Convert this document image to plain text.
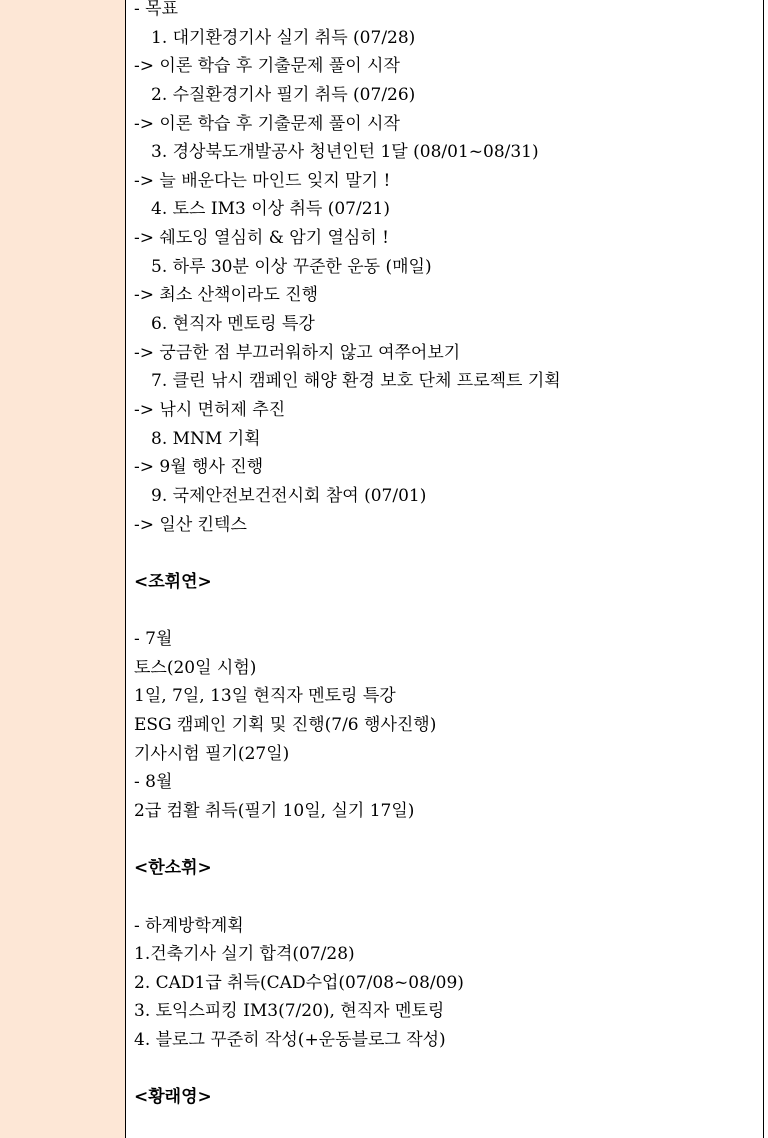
- 목표
1. 대기환경기사 실기 취득 (07/28)
-> 이론 학습 후 기출문제 풀이 시작
2. 수질환경기사 필기 취득 (07/26)
-> 이론 학습 후 기출문제 풀이 시작
3. 경상북도개발공사 청년인턴 1달 (08/01~08/31)
-> 늘 배운다는 마인드 잊지 말기 !
4. 토스 IM3 이상 취득 (07/21)
-> 쉐도잉 열심히 & 암기 열심히 !
5. 하루 30분 이상 꾸준한 운동 (매일)
-> 최소 산책이라도 진행
6. 현직자 멘토링 특강
-> 궁금한 점 부끄러워하지 않고 여쭈어보기
7. 클린 낚시 캠페인 해양 환경 보호 단체 프로젝트 기획
-> 낚시 면허제 추진
8. MNM 기획
-> 9월 행사 진행
9. 국제안전보건전시회 참여 (07/01)
-> 일산 킨텍스
<조휘연>
- 7월
토스(20일 시험)
1일, 7일, 13일 현직자 멘토링 특강
ESG 캠페인 기획 및 진행(7/6 행사진행)
기사시험 필기(27일)
- 8월
2급 컴활 취득(필기 10일, 실기 17일)
<한소휘>
- 하계방학계획
1.건축기사 실기 합격(07/28)
2. CAD1급 취득(CAD수업(07/08~08/09)
3. 토익스피킹 IM3(7/20), 현직자 멘토링
4. 블로그 꾸준히 작성(+운동블로그 작성)
<황래영>
